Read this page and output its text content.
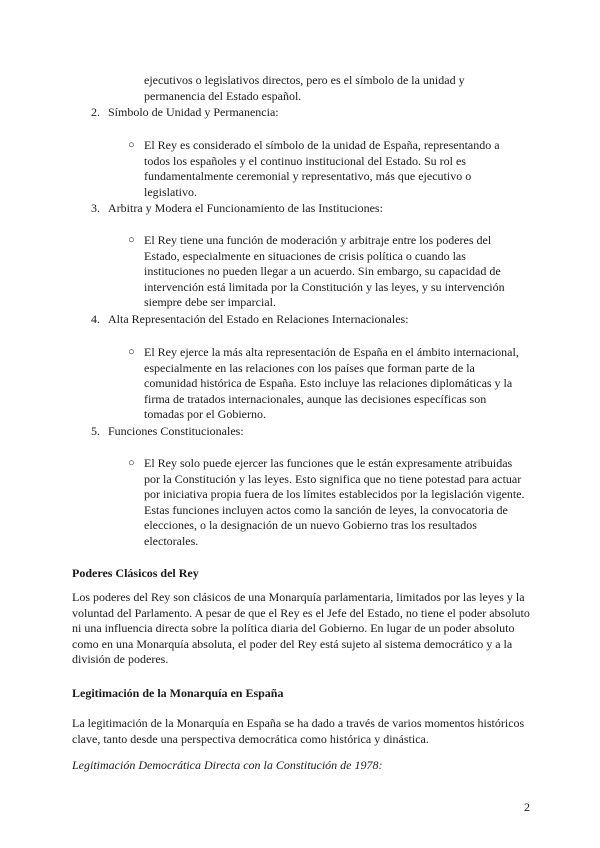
ejecutivos o legislativos directos, pero es el símbolo de la unidad y permanencia del Estado español.
2. Símbolo de Unidad y Permanencia:
○ El Rey es considerado el símbolo de la unidad de España, representando a todos los españoles y el continuo institucional del Estado. Su rol es fundamentalmente ceremonial y representativo, más que ejecutivo o legislativo.
3. Arbitra y Modera el Funcionamiento de las Instituciones:
○ El Rey tiene una función de moderación y arbitraje entre los poderes del Estado, especialmente en situaciones de crisis política o cuando las instituciones no pueden llegar a un acuerdo. Sin embargo, su capacidad de intervención está limitada por la Constitución y las leyes, y su intervención siempre debe ser imparcial.
4. Alta Representación del Estado en Relaciones Internacionales:
○ El Rey ejerce la más alta representación de España en el ámbito internacional, especialmente en las relaciones con los países que forman parte de la comunidad histórica de España. Esto incluye las relaciones diplomáticas y la firma de tratados internacionales, aunque las decisiones específicas son tomadas por el Gobierno.
5. Funciones Constitucionales:
○ El Rey solo puede ejercer las funciones que le están expresamente atribuidas por la Constitución y las leyes. Esto significa que no tiene potestad para actuar por iniciativa propia fuera de los límites establecidos por la legislación vigente. Estas funciones incluyen actos como la sanción de leyes, la convocatoria de elecciones, o la designación de un nuevo Gobierno tras los resultados electorales.
Poderes Clásicos del Rey
Los poderes del Rey son clásicos de una Monarquía parlamentaria, limitados por las leyes y la voluntad del Parlamento. A pesar de que el Rey es el Jefe del Estado, no tiene el poder absoluto ni una influencia directa sobre la política diaria del Gobierno. En lugar de un poder absoluto como en una Monarquía absoluta, el poder del Rey está sujeto al sistema democrático y a la división de poderes.
Legitimación de la Monarquía en España
La legitimación de la Monarquía en España se ha dado a través de varios momentos históricos clave, tanto desde una perspectiva democrática como histórica y dinástica.
Legitimación Democrática Directa con la Constitución de 1978:
2
